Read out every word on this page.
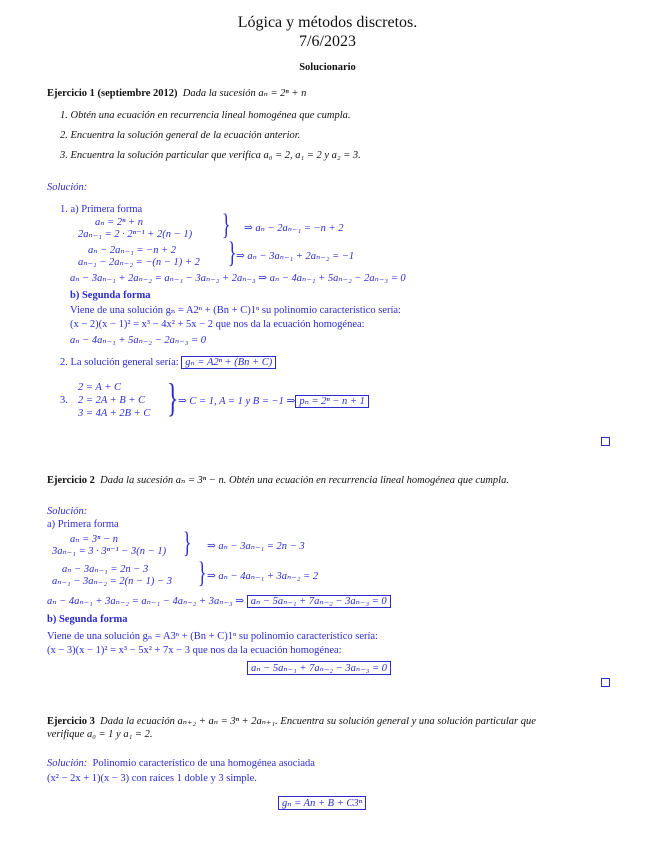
Lógica y métodos discretos.
7/6/2023
Solucionario
Ejercicio 1 (septiembre 2012) Dada la sucesión aₙ = 2ⁿ + n
1. Obtén una ecuación en recurrencia lineal homogénea que cumpla.
2. Encuentra la solución general de la ecuación anterior.
3. Encuentra la solución particular que verifica a₀ = 2, a₁ = 2 y a₂ = 3.
Solución:
1. a) Primera forma
aₙ = 2ⁿ + n
2aₙ₋₁ = 2 · 2ⁿ⁻¹ + 2(n − 1) } ⇒ aₙ − 2aₙ₋₁ = −n + 2
aₙ − 2aₙ₋₁ = −n + 2
aₙ₋₁ − 2aₙ₋₂ = −(n − 1) + 2 } ⇒ aₙ − 3aₙ₋₁ + 2aₙ₋₂ = −1
aₙ − 3aₙ₋₁ + 2aₙ₋₂ = aₙ₋₁ − 3aₙ₋₂ + 2aₙ₋₃ ⇒ aₙ − 4aₙ₋₁ + 5aₙ₋₂ − 2aₙ₋₃ = 0
b) Segunda forma
Viene de una solución gₙ = A2ⁿ + (Bn + C)1ⁿ su polinomio característico sería:
(x − 2)(x − 1)² = x³ − 4x² + 5x − 2 que nos da la ecuación homogénea:
aₙ − 4aₙ₋₁ + 5aₙ₋₂ − 2aₙ₋₃ = 0
2. La solución general sería: gₙ = A2ⁿ + (Bn + C)
3.
2 = A + C
2 = 2A + B + C
3 = 4A + 2B + C } ⇒ C = 1, A = 1 y B = −1 ⇒ pₙ = 2ⁿ − n + 1
Ejercicio 2 Dada la sucesión aₙ = 3ⁿ − n. Obtén una ecuación en recurrencia lineal homogénea que cumpla.
Solución:
a) Primera forma
aₙ = 3ⁿ − n
3aₙ₋₁ = 3 · 3ⁿ⁻¹ − 3(n − 1) } ⇒ aₙ − 3aₙ₋₁ = 2n − 3
aₙ − 3aₙ₋₁ = 2n − 3
aₙ₋₁ − 3aₙ₋₂ = 2(n − 1) − 3 } ⇒ aₙ − 4aₙ₋₁ + 3aₙ₋₂ = 2
aₙ − 4aₙ₋₁ + 3aₙ₋₂ = aₙ₋₁ − 4aₙ₋₂ + 3aₙ₋₃ ⇒ aₙ − 5aₙ₋₁ + 7aₙ₋₂ − 3aₙ₋₃ = 0
b) Segunda forma
Viene de una solución gₙ = A3ⁿ + (Bn + C)1ⁿ su polinomio característico sería:
(x − 3)(x − 1)² = x³ − 5x² + 7x − 3 que nos da la ecuación homogénea:
aₙ − 5aₙ₋₁ + 7aₙ₋₂ − 3aₙ₋₃ = 0
Ejercicio 3 Dada la ecuación aₙ₊₂ + aₙ = 3ⁿ + 2aₙ₊₁. Encuentra su solución general y una solución particular que
verifique a₀ = 1 y a₁ = 2.
Solución: Polinomio característico de una homogénea asociada
(x² − 2x + 1)(x − 3) con raíces 1 doble y 3 simple.
gₙ = An + B + C3ⁿ
